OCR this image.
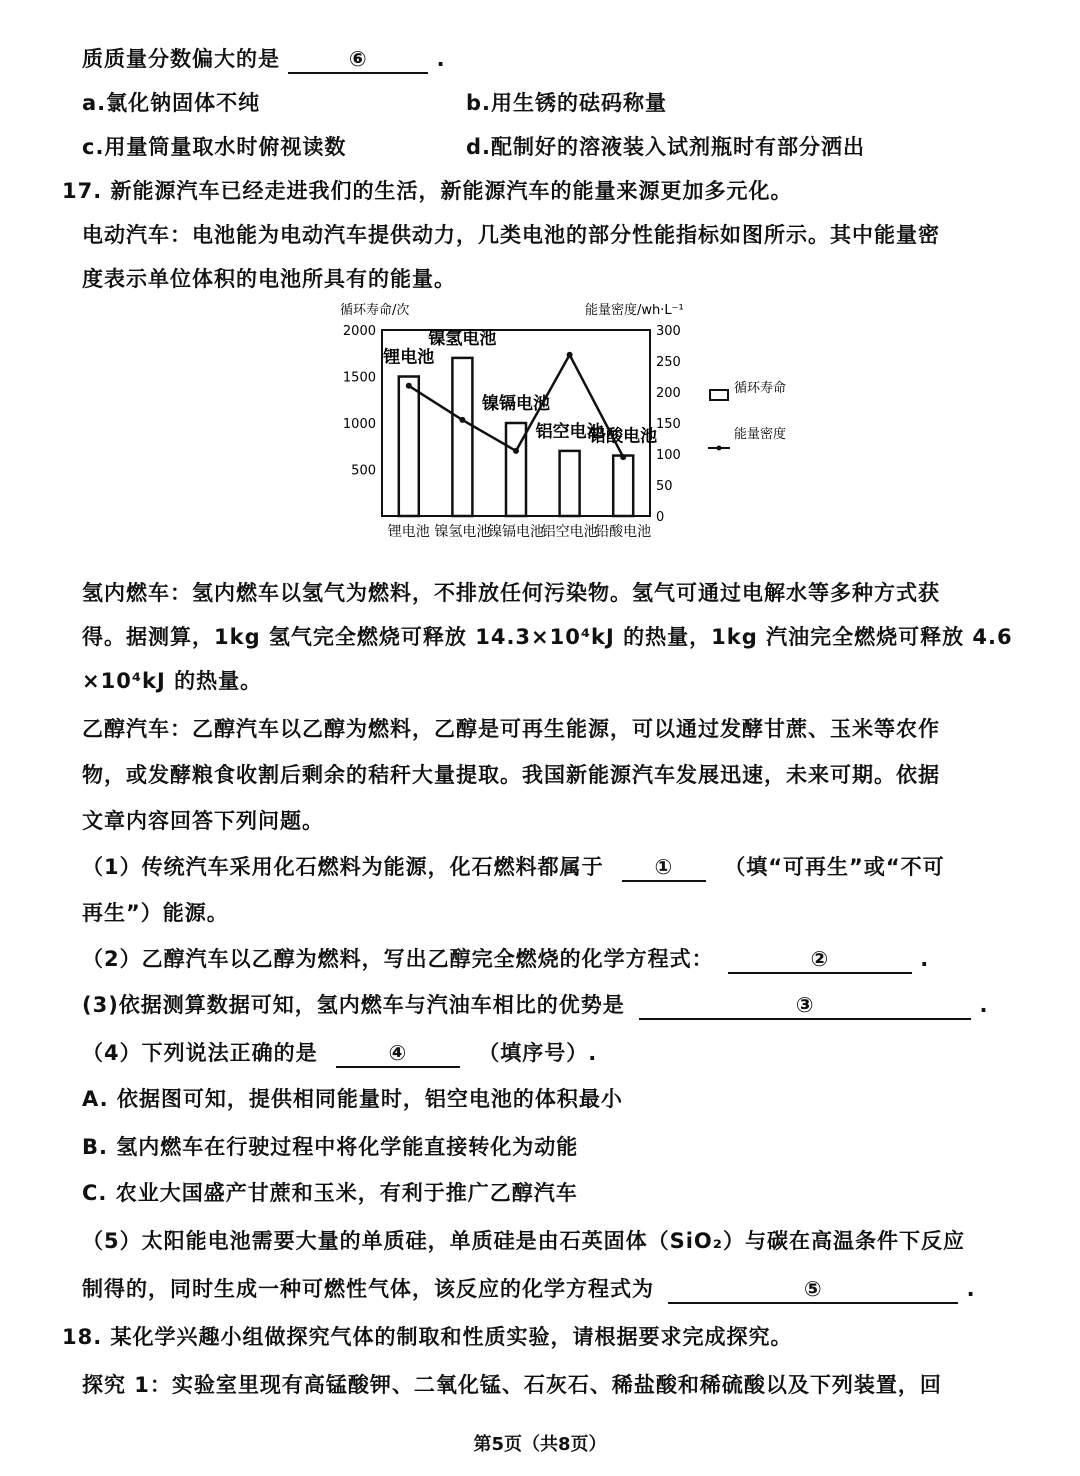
质质量分数偏大的是	⑥	.
a.氯化钠固体不纯	b.用生锈的砝码称量
c.用量筒量取水时俯视读数	d.配制好的溶液装入试剂瓶时有部分洒出
17. 新能源汽车已经走进我们的生活，新能源汽车的能量来源更加多元化。
电动汽车：电池能为电动汽车提供动力，几类电池的部分性能指标如图所示。其中能量密
度表示单位体积的电池所具有的能量。
循环寿命/次	能量密度/wh·L⁻¹
2000
1500
1000
500
300
250
200
150
100
50
0
锂电池
镍氢电池
镍镉电池
铝空电池
铅酸电池
锂电池 镍氢电池
镍镉电池
铝空电池
铅酸电池
循环寿命
能量密度
氢内燃车：氢内燃车以氢气为燃料，不排放任何污染物。氢气可通过电解水等多种方式获
得。据测算，1kg 氢气完全燃烧可释放 14.3×10⁴kJ 的热量，1kg 汽油完全燃烧可释放 4.6
×10⁴kJ 的热量。
乙醇汽车：乙醇汽车以乙醇为燃料，乙醇是可再生能源，可以通过发酵甘蔗、玉米等农作
物，或发酵粮食收割后剩余的秸秆大量提取。我国新能源汽车发展迅速，未来可期。依据
文章内容回答下列问题。
（1）传统汽车采用化石燃料为能源，化石燃料都属于 ① （填“可再生”或“不可
再生”）能源。
（2）乙醇汽车以乙醇为燃料，写出乙醇完全燃烧的化学方程式：	②	.
(3)依据测算数据可知，氢内燃车与汽油车相比的优势是	③	.
（4）下列说法正确的是	④	（填序号）.
A. 依据图可知，提供相同能量时，铝空电池的体积最小
B. 氢内燃车在行驶过程中将化学能直接转化为动能
C. 农业大国盛产甘蔗和玉米，有利于推广乙醇汽车
（5）太阳能电池需要大量的单质硅，单质硅是由石英固体（SiO₂）与碳在高温条件下反应
制得的，同时生成一种可燃性气体，该反应的化学方程式为	⑤	.
18. 某化学兴趣小组做探究气体的制取和性质实验，请根据要求完成探究。
探究 1：实验室里现有高锰酸钾、二氧化锰、石灰石、稀盐酸和稀硫酸以及下列装置，回
第5页（共8页）
